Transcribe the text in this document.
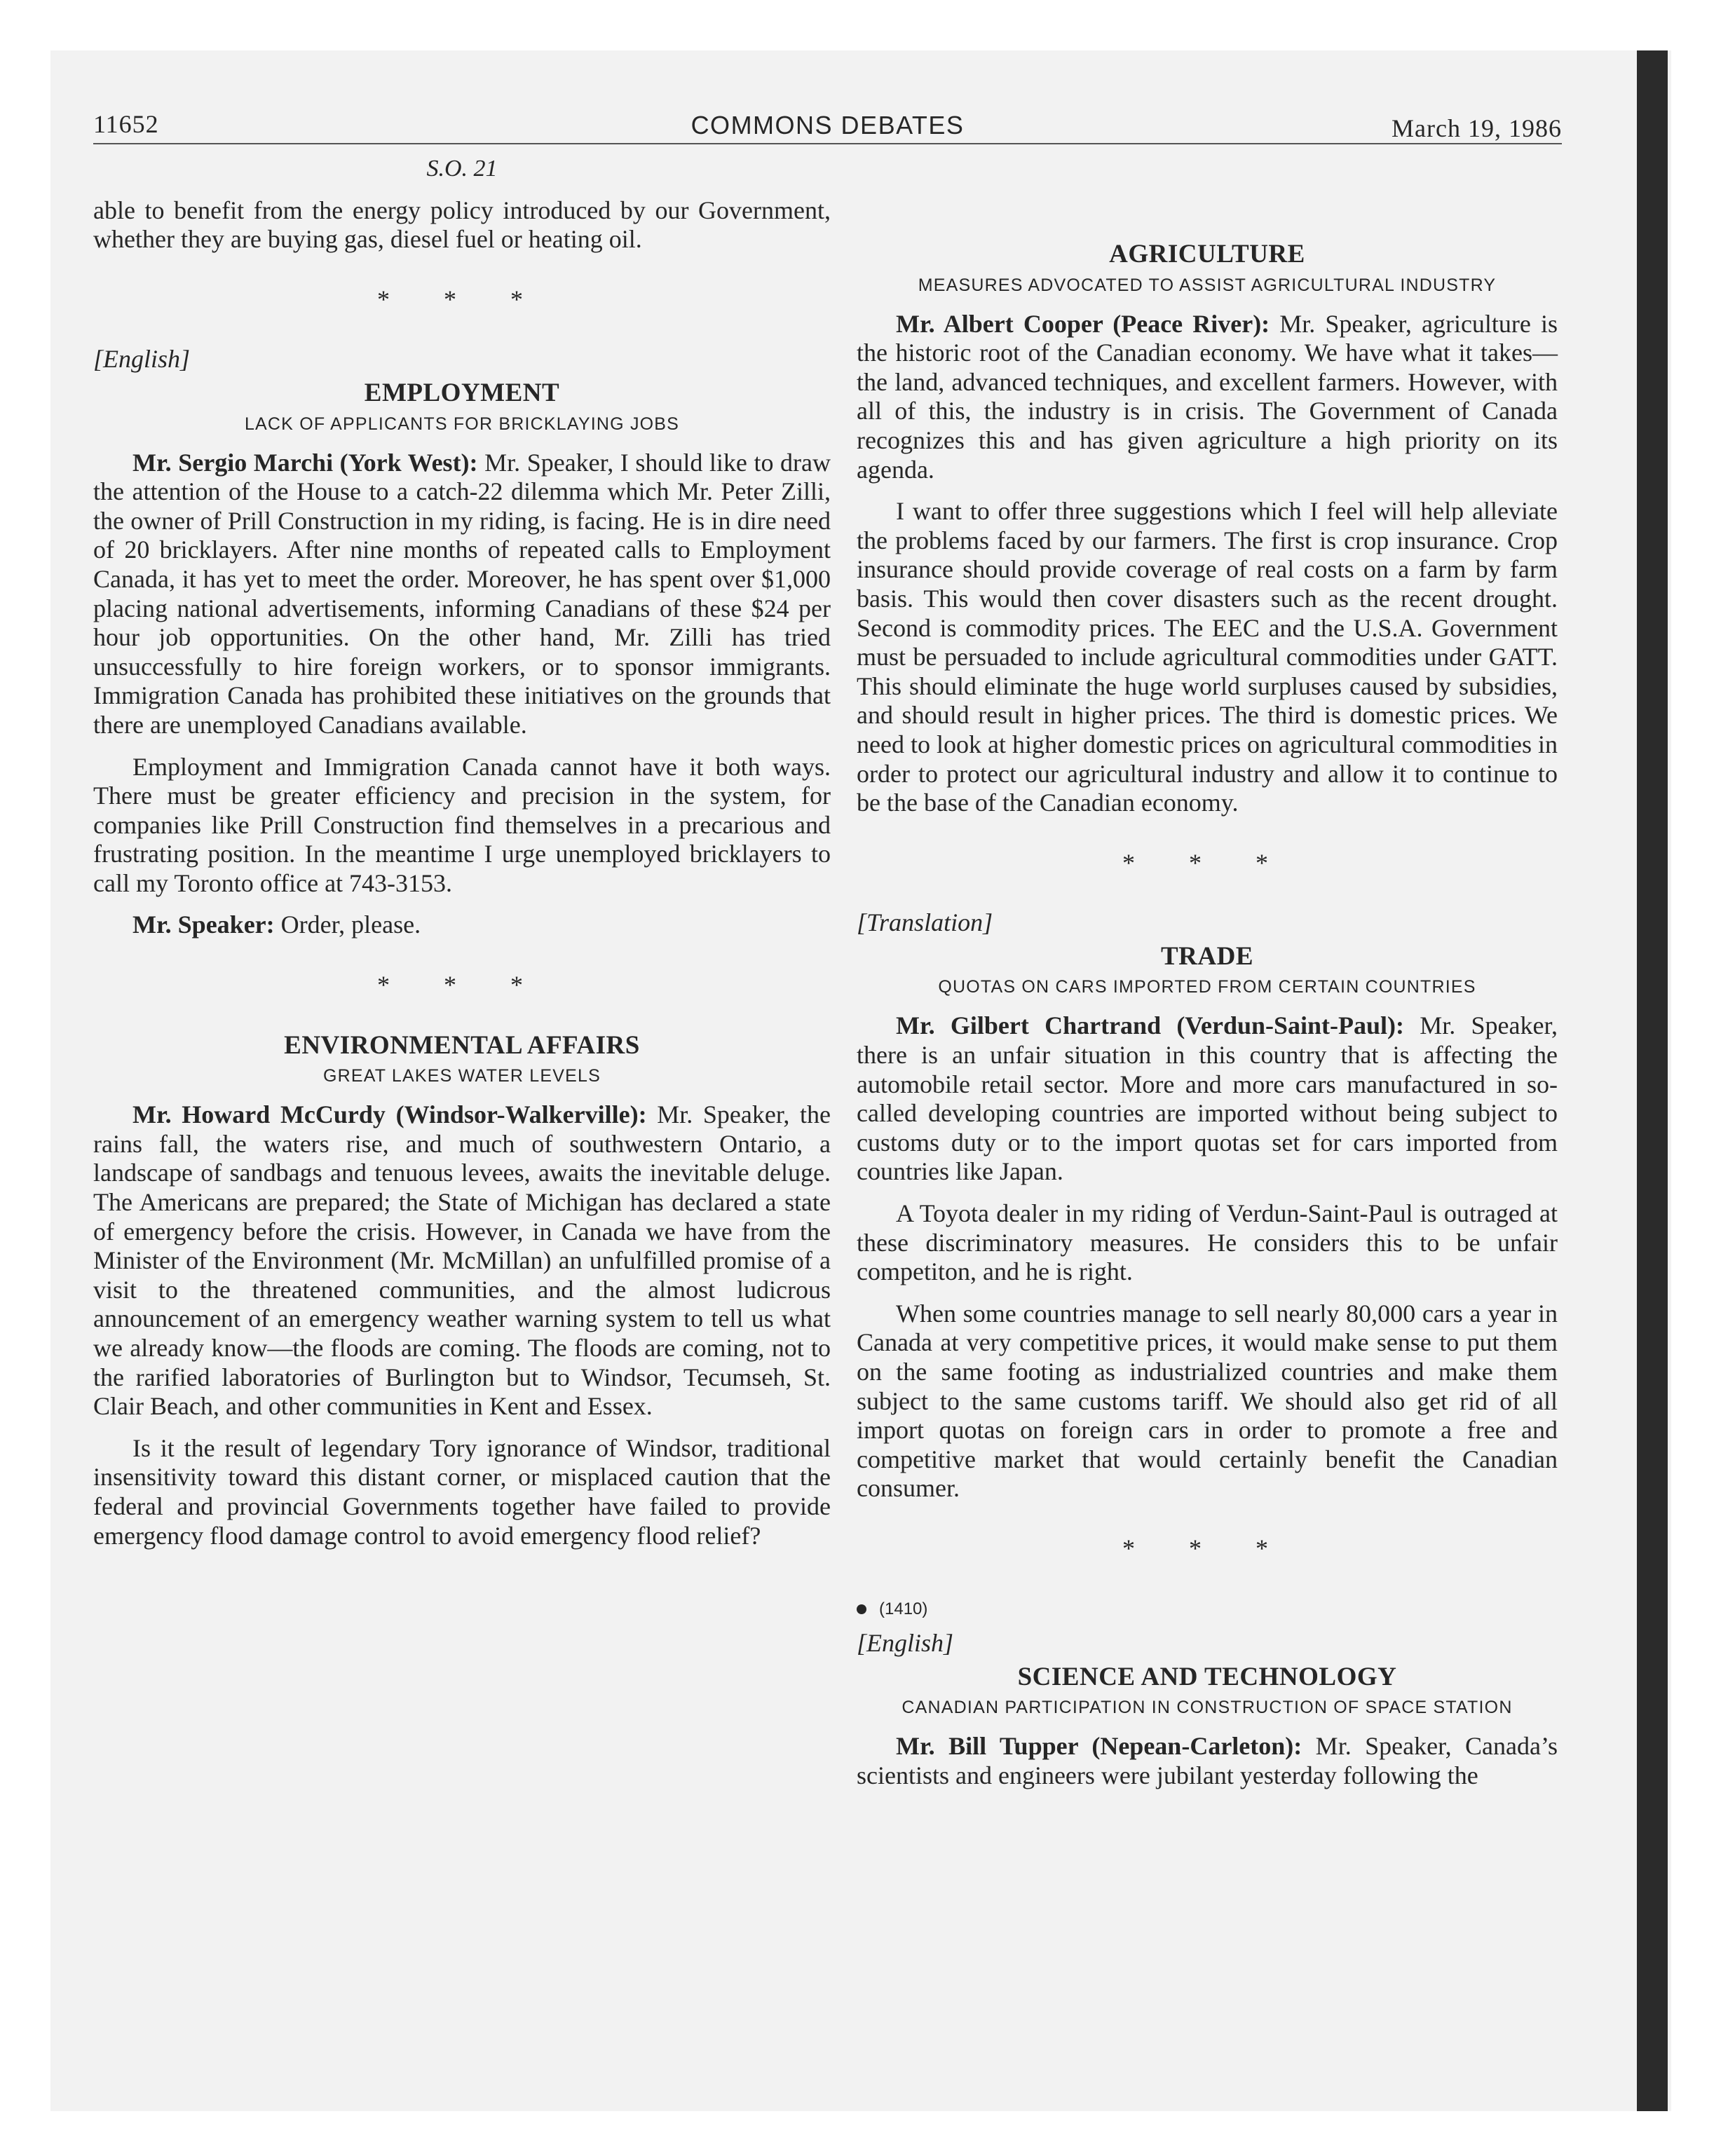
11652	COMMONS DEBATES	March 19, 1986
S.O. 21

able to benefit from the energy policy introduced by our Government, whether they are buying gas, diesel fuel or heating oil.

* * *
[English]
EMPLOYMENT
LACK OF APPLICANTS FOR BRICKLAYING JOBS

Mr. Sergio Marchi (York West): Mr. Speaker, I should like to draw the attention of the House to a catch-22 dilemma which Mr. Peter Zilli, the owner of Prill Construction in my riding, is facing. He is in dire need of 20 bricklayers. After nine months of repeated calls to Employment Canada, it has yet to meet the order. Moreover, he has spent over $1,000 placing national advertisements, informing Canadians of these $24 per hour job opportunities. On the other hand, Mr. Zilli has tried unsuccessfully to hire foreign workers, or to sponsor immigrants. Immigration Canada has prohibited these initiatives on the grounds that there are unemployed Canadians available.

Employment and Immigration Canada cannot have it both ways. There must be greater efficiency and precision in the system, for companies like Prill Construction find themselves in a precarious and frustrating position. In the meantime I urge unemployed bricklayers to call my Toronto office at 743-3153.

Mr. Speaker: Order, please.

* * *
ENVIRONMENTAL AFFAIRS
GREAT LAKES WATER LEVELS

Mr. Howard McCurdy (Windsor-Walkerville): Mr. Speaker, the rains fall, the waters rise, and much of southwestern Ontario, a landscape of sandbags and tenuous levees, awaits the inevitable deluge. The Americans are prepared; the State of Michigan has declared a state of emergency before the crisis. However, in Canada we have from the Minister of the Environment (Mr. McMillan) an unfulfilled promise of a visit to the threatened communities, and the almost ludicrous announcement of an emergency weather warning system to tell us what we already know—the floods are coming. The floods are coming, not to the rarified laboratories of Burlington but to Windsor, Tecumseh, St. Clair Beach, and other communities in Kent and Essex.

Is it the result of legendary Tory ignorance of Windsor, traditional insensitivity toward this distant corner, or misplaced caution that the federal and provincial Governments together have failed to provide emergency flood damage control to avoid emergency flood relief?

AGRICULTURE
MEASURES ADVOCATED TO ASSIST AGRICULTURAL INDUSTRY

Mr. Albert Cooper (Peace River): Mr. Speaker, agriculture is the historic root of the Canadian economy. We have what it takes—the land, advanced techniques, and excellent farmers. However, with all of this, the industry is in crisis. The Government of Canada recognizes this and has given agriculture a high priority on its agenda.

I want to offer three suggestions which I feel will help alleviate the problems faced by our farmers. The first is crop insurance. Crop insurance should provide coverage of real costs on a farm by farm basis. This would then cover disasters such as the recent drought. Second is commodity prices. The EEC and the U.S.A. Government must be persuaded to include agricultural commodities under GATT. This should eliminate the huge world surpluses caused by subsidies, and should result in higher prices. The third is domestic prices. We need to look at higher domestic prices on agricultural commodities in order to protect our agricultural industry and allow it to continue to be the base of the Canadian economy.

* * *
[Translation]
TRADE
QUOTAS ON CARS IMPORTED FROM CERTAIN COUNTRIES

Mr. Gilbert Chartrand (Verdun-Saint-Paul): Mr. Speaker, there is an unfair situation in this country that is affecting the automobile retail sector. More and more cars manufactured in so-called developing countries are imported without being subject to customs duty or to the import quotas set for cars imported from countries like Japan.

A Toyota dealer in my riding of Verdun-Saint-Paul is outraged at these discriminatory measures. He considers this to be unfair competiton, and he is right.

When some countries manage to sell nearly 80,000 cars a year in Canada at very competitive prices, it would make sense to put them on the same footing as industrialized countries and make them subject to the same customs tariff. We should also get rid of all import quotas on foreign cars in order to promote a free and competitive market that would certainly benefit the Canadian consumer.

* * *
(1410)
[English]
SCIENCE AND TECHNOLOGY
CANADIAN PARTICIPATION IN CONSTRUCTION OF SPACE STATION

Mr. Bill Tupper (Nepean-Carleton): Mr. Speaker, Canada’s scientists and engineers were jubilant yesterday following the
